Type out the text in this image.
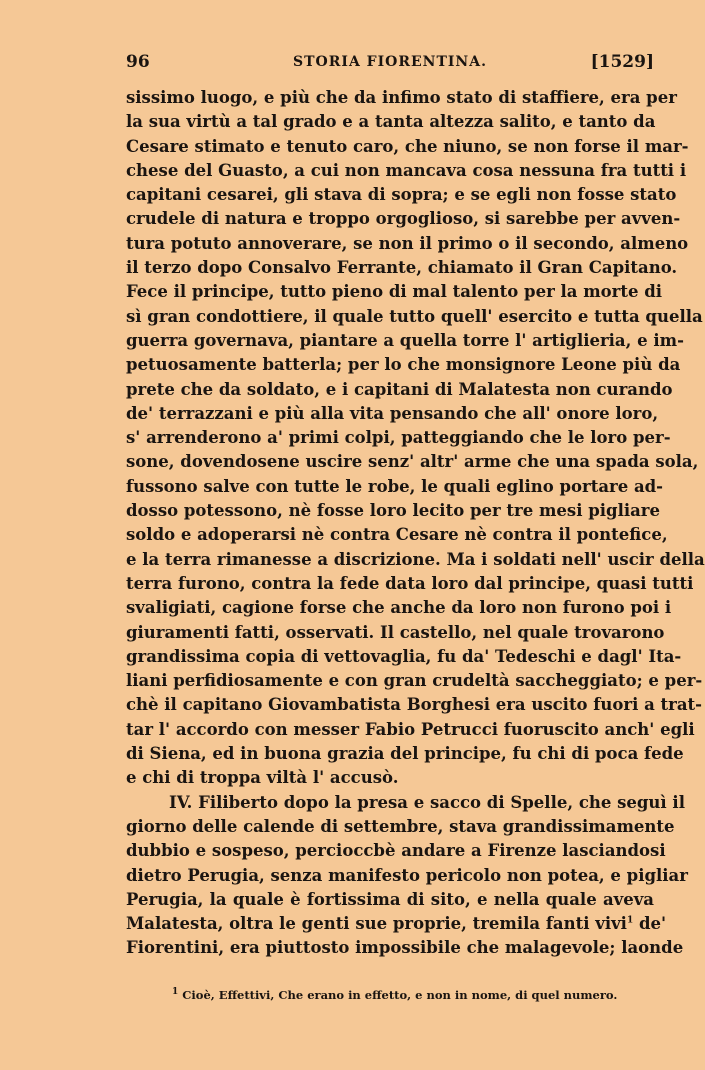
96	STORIA FIORENTINA.	[1529]
sissimo luogo, e più che da infimo stato di staffiere, era per
la sua virtù a tal grado e a tanta altezza salito, e tanto da
Cesare stimato e tenuto caro, che niuno, se non forse il mar-
chese del Guasto, a cui non mancava cosa nessuna fra tutti i
capitani cesarei, gli stava di sopra; e se egli non fosse stato
crudele di natura e troppo orgoglioso, si sarebbe per avven-
tura potuto annoverare, se non il primo o il secondo, almeno
il terzo dopo Consalvo Ferrante, chiamato il Gran Capitano.
Fece il principe, tutto pieno di mal talento per la morte di
sì gran condottiere, il quale tutto quell' esercito e tutta quella
guerra governava, piantare a quella torre l' artiglieria, e im-
petuosamente batterla; per lo che monsignore Leone più da
prete che da soldato, e i capitani di Malatesta non curando
de' terrazzani e più alla vita pensando che all' onore loro,
s' arrenderono a' primi colpi, patteggiando che le loro per-
sone, dovendosene uscire senz' altr' arme che una spada sola,
fussono salve con tutte le robe, le quali eglino portare ad-
dosso potessono, nè fosse loro lecito per tre mesi pigliare
soldo e adoperarsi nè contra Cesare nè contra il pontefice,
e la terra rimanesse a discrizione. Ma i soldati nell' uscir della
terra furono, contra la fede data loro dal principe, quasi tutti
svaligiati, cagione forse che anche da loro non furono poi i
giuramenti fatti, osservati. Il castello, nel quale trovarono
grandissima copia di vettovaglia, fu da' Tedeschi e dagl' Ita-
liani perfidiosamente e con gran crudeltà saccheggiato; e per-
chè il capitano Giovambatista Borghesi era uscito fuori a trat-
tar l' accordo con messer Fabio Petrucci fuoruscito anch' egli
di Siena, ed in buona grazia del principe, fu chi di poca fede
e chi di troppa viltà l' accusò.
IV. Filiberto dopo la presa e sacco di Spelle, che seguì il
giorno delle calende di settembre, stava grandissimamente
dubbio e sospeso, percioccbè andare a Firenze lasciandosi
dietro Perugia, senza manifesto pericolo non potea, e pigliar
Perugia, la quale è fortissima di sito, e nella quale aveva
Malatesta, oltra le genti sue proprie, tremila fanti vivi$^1$ de'
Fiorentini, era piuttosto impossibile che malagevole; laonde
$^1$ Cioè, Effettivi, Che erano in effetto, e non in nome, di quel numero.
